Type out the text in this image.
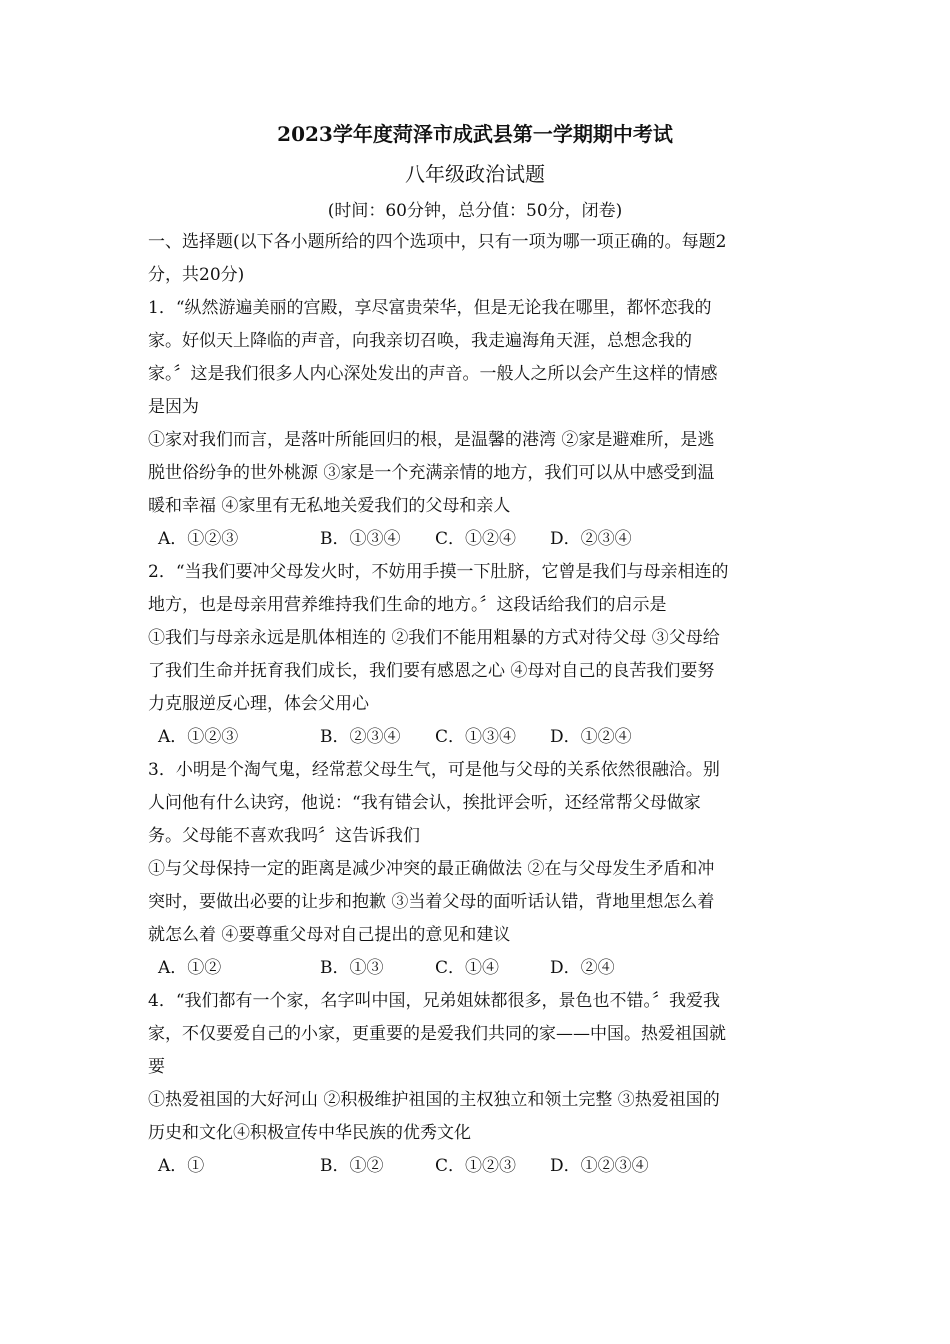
2023学年度菏泽市成武县第一学期期中考试
八年级政治试题
(时间：60分钟，总分值：50分，闭卷)

一、选择题(以下各小题所给的四个选项中，只有一项为哪一项正确的。每题2

分，共20分)

1．“纵然游遍美丽的宫殿，享尽富贵荣华，但是无论我在哪里，都怀恋我的

家。好似天上降临的声音，向我亲切召唤，我走遍海角天涯，总想念我的

家。〞这是我们很多人内心深处发出的声音。一般人之所以会产生这样的情感

是因为

①家对我们而言，是落叶所能回归的根，是温馨的港湾 ②家是避难所，是逃

脱世俗纷争的世外桃源 ③家是一个充满亲情的地方，我们可以从中感受到温

暖和幸福 ④家里有无私地关爱我们的父母和亲人

A．①②③	B．①③④	C．①②④	D．②③④

2．“当我们要冲父母发火时，不妨用手摸一下肚脐，它曾是我们与母亲相连的

地方，也是母亲用营养维持我们生命的地方。〞这段话给我们的启示是

①我们与母亲永远是肌体相连的 ②我们不能用粗暴的方式对待父母 ③父母给

了我们生命并抚育我们成长，我们要有感恩之心 ④母对自己的良苦我们要努

力克服逆反心理，体会父用心

A．①②③	B．②③④	C．①③④	D．①②④

3．小明是个淘气鬼，经常惹父母生气，可是他与父母的关系依然很融洽。别

人问他有什么诀窍，他说：“我有错会认，挨批评会听，还经常帮父母做家

务。父母能不喜欢我吗〞这告诉我们

①与父母保持一定的距离是减少冲突的最正确做法 ②在与父母发生矛盾和冲

突时，要做出必要的让步和抱歉 ③当着父母的面听话认错，背地里想怎么着

就怎么着 ④要尊重父母对自己提出的意见和建议

A．①②	B．①③	C．①④	D．②④

4．“我们都有一个家，名字叫中国，兄弟姐妹都很多，景色也不错。〞我爱我

家，不仅要爱自己的小家，更重要的是爱我们共同的家——中国。热爱祖国就

要

①热爱祖国的大好河山 ②积极维护祖国的主权独立和领土完整 ③热爱祖国的

历史和文化④积极宣传中华民族的优秀文化

A．①	B．①②	C．①②③	D．①②③④
